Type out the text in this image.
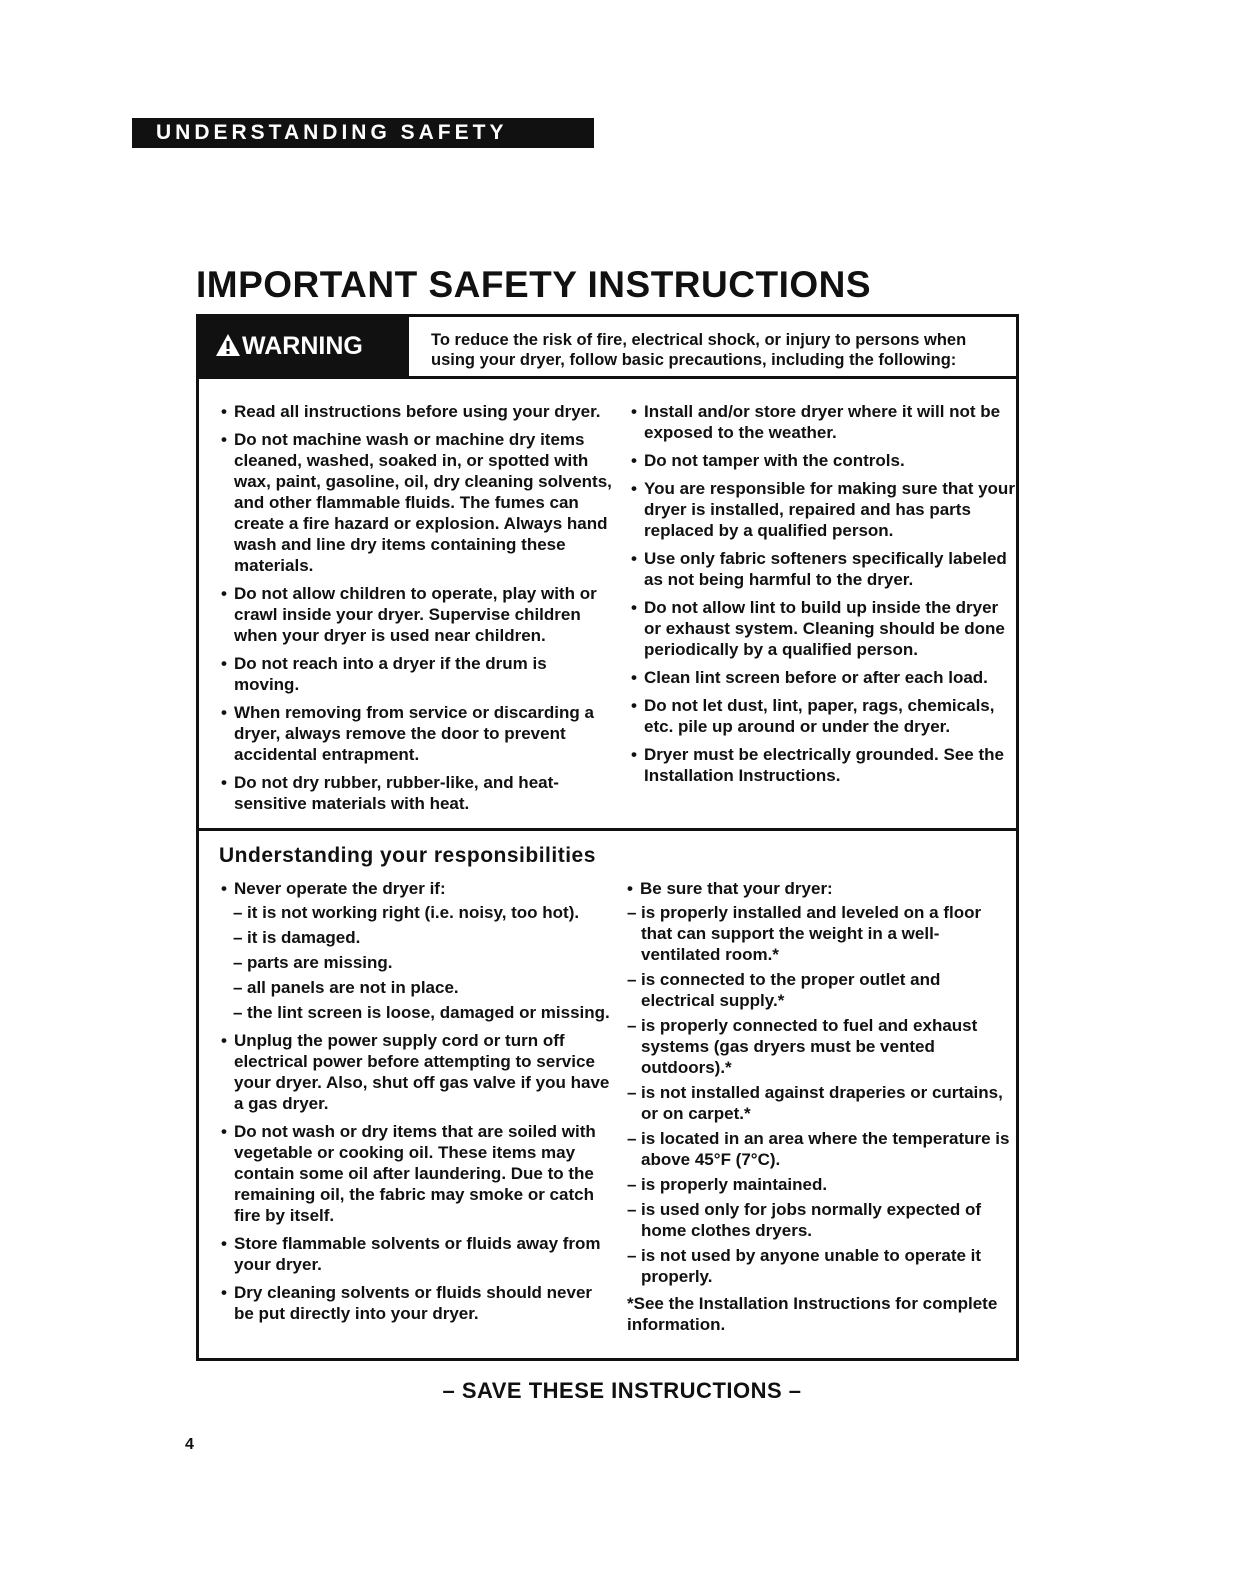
UNDERSTANDING SAFETY
IMPORTANT SAFETY INSTRUCTIONS
WARNING	To reduce the risk of fire, electrical shock, or injury to persons when
using your dryer, follow basic precautions, including the following:
• Read all instructions before using your dryer.
• Do not machine wash or machine dry items cleaned, washed, soaked in, or spotted with wax, paint, gasoline, oil, dry cleaning solvents, and other flammable fluids. The fumes can create a fire hazard or explosion. Always hand wash and line dry items containing these materials.
• Do not allow children to operate, play with or crawl inside your dryer. Supervise children when your dryer is used near children.
• Do not reach into a dryer if the drum is moving.
• When removing from service or discarding a dryer, always remove the door to prevent accidental entrapment.
• Do not dry rubber, rubber-like, and heat-sensitive materials with heat.
• Install and/or store dryer where it will not be exposed to the weather.
• Do not tamper with the controls.
• You are responsible for making sure that your dryer is installed, repaired and has parts replaced by a qualified person.
• Use only fabric softeners specifically labeled as not being harmful to the dryer.
• Do not allow lint to build up inside the dryer or exhaust system. Cleaning should be done periodically by a qualified person.
• Clean lint screen before or after each load.
• Do not let dust, lint, paper, rags, chemicals, etc. pile up around or under the dryer.
• Dryer must be electrically grounded. See the Installation Instructions.
Understanding your responsibilities
• Never operate the dryer if:
– it is not working right (i.e. noisy, too hot).
– it is damaged.
– parts are missing.
– all panels are not in place.
– the lint screen is loose, damaged or missing.
• Unplug the power supply cord or turn off electrical power before attempting to service your dryer. Also, shut off gas valve if you have a gas dryer.
• Do not wash or dry items that are soiled with vegetable or cooking oil. These items may contain some oil after laundering. Due to the remaining oil, the fabric may smoke or catch fire by itself.
• Store flammable solvents or fluids away from your dryer.
• Dry cleaning solvents or fluids should never be put directly into your dryer.
• Be sure that your dryer:
– is properly installed and leveled on a floor that can support the weight in a well-ventilated room.*
– is connected to the proper outlet and electrical supply.*
– is properly connected to fuel and exhaust systems (gas dryers must be vented outdoors).*
– is not installed against draperies or curtains, or on carpet.*
– is located in an area where the temperature is above 45°F (7°C).
– is properly maintained.
– is used only for jobs normally expected of home clothes dryers.
– is not used by anyone unable to operate it properly.
*See the Installation Instructions for complete information.
– SAVE THESE INSTRUCTIONS –
4
